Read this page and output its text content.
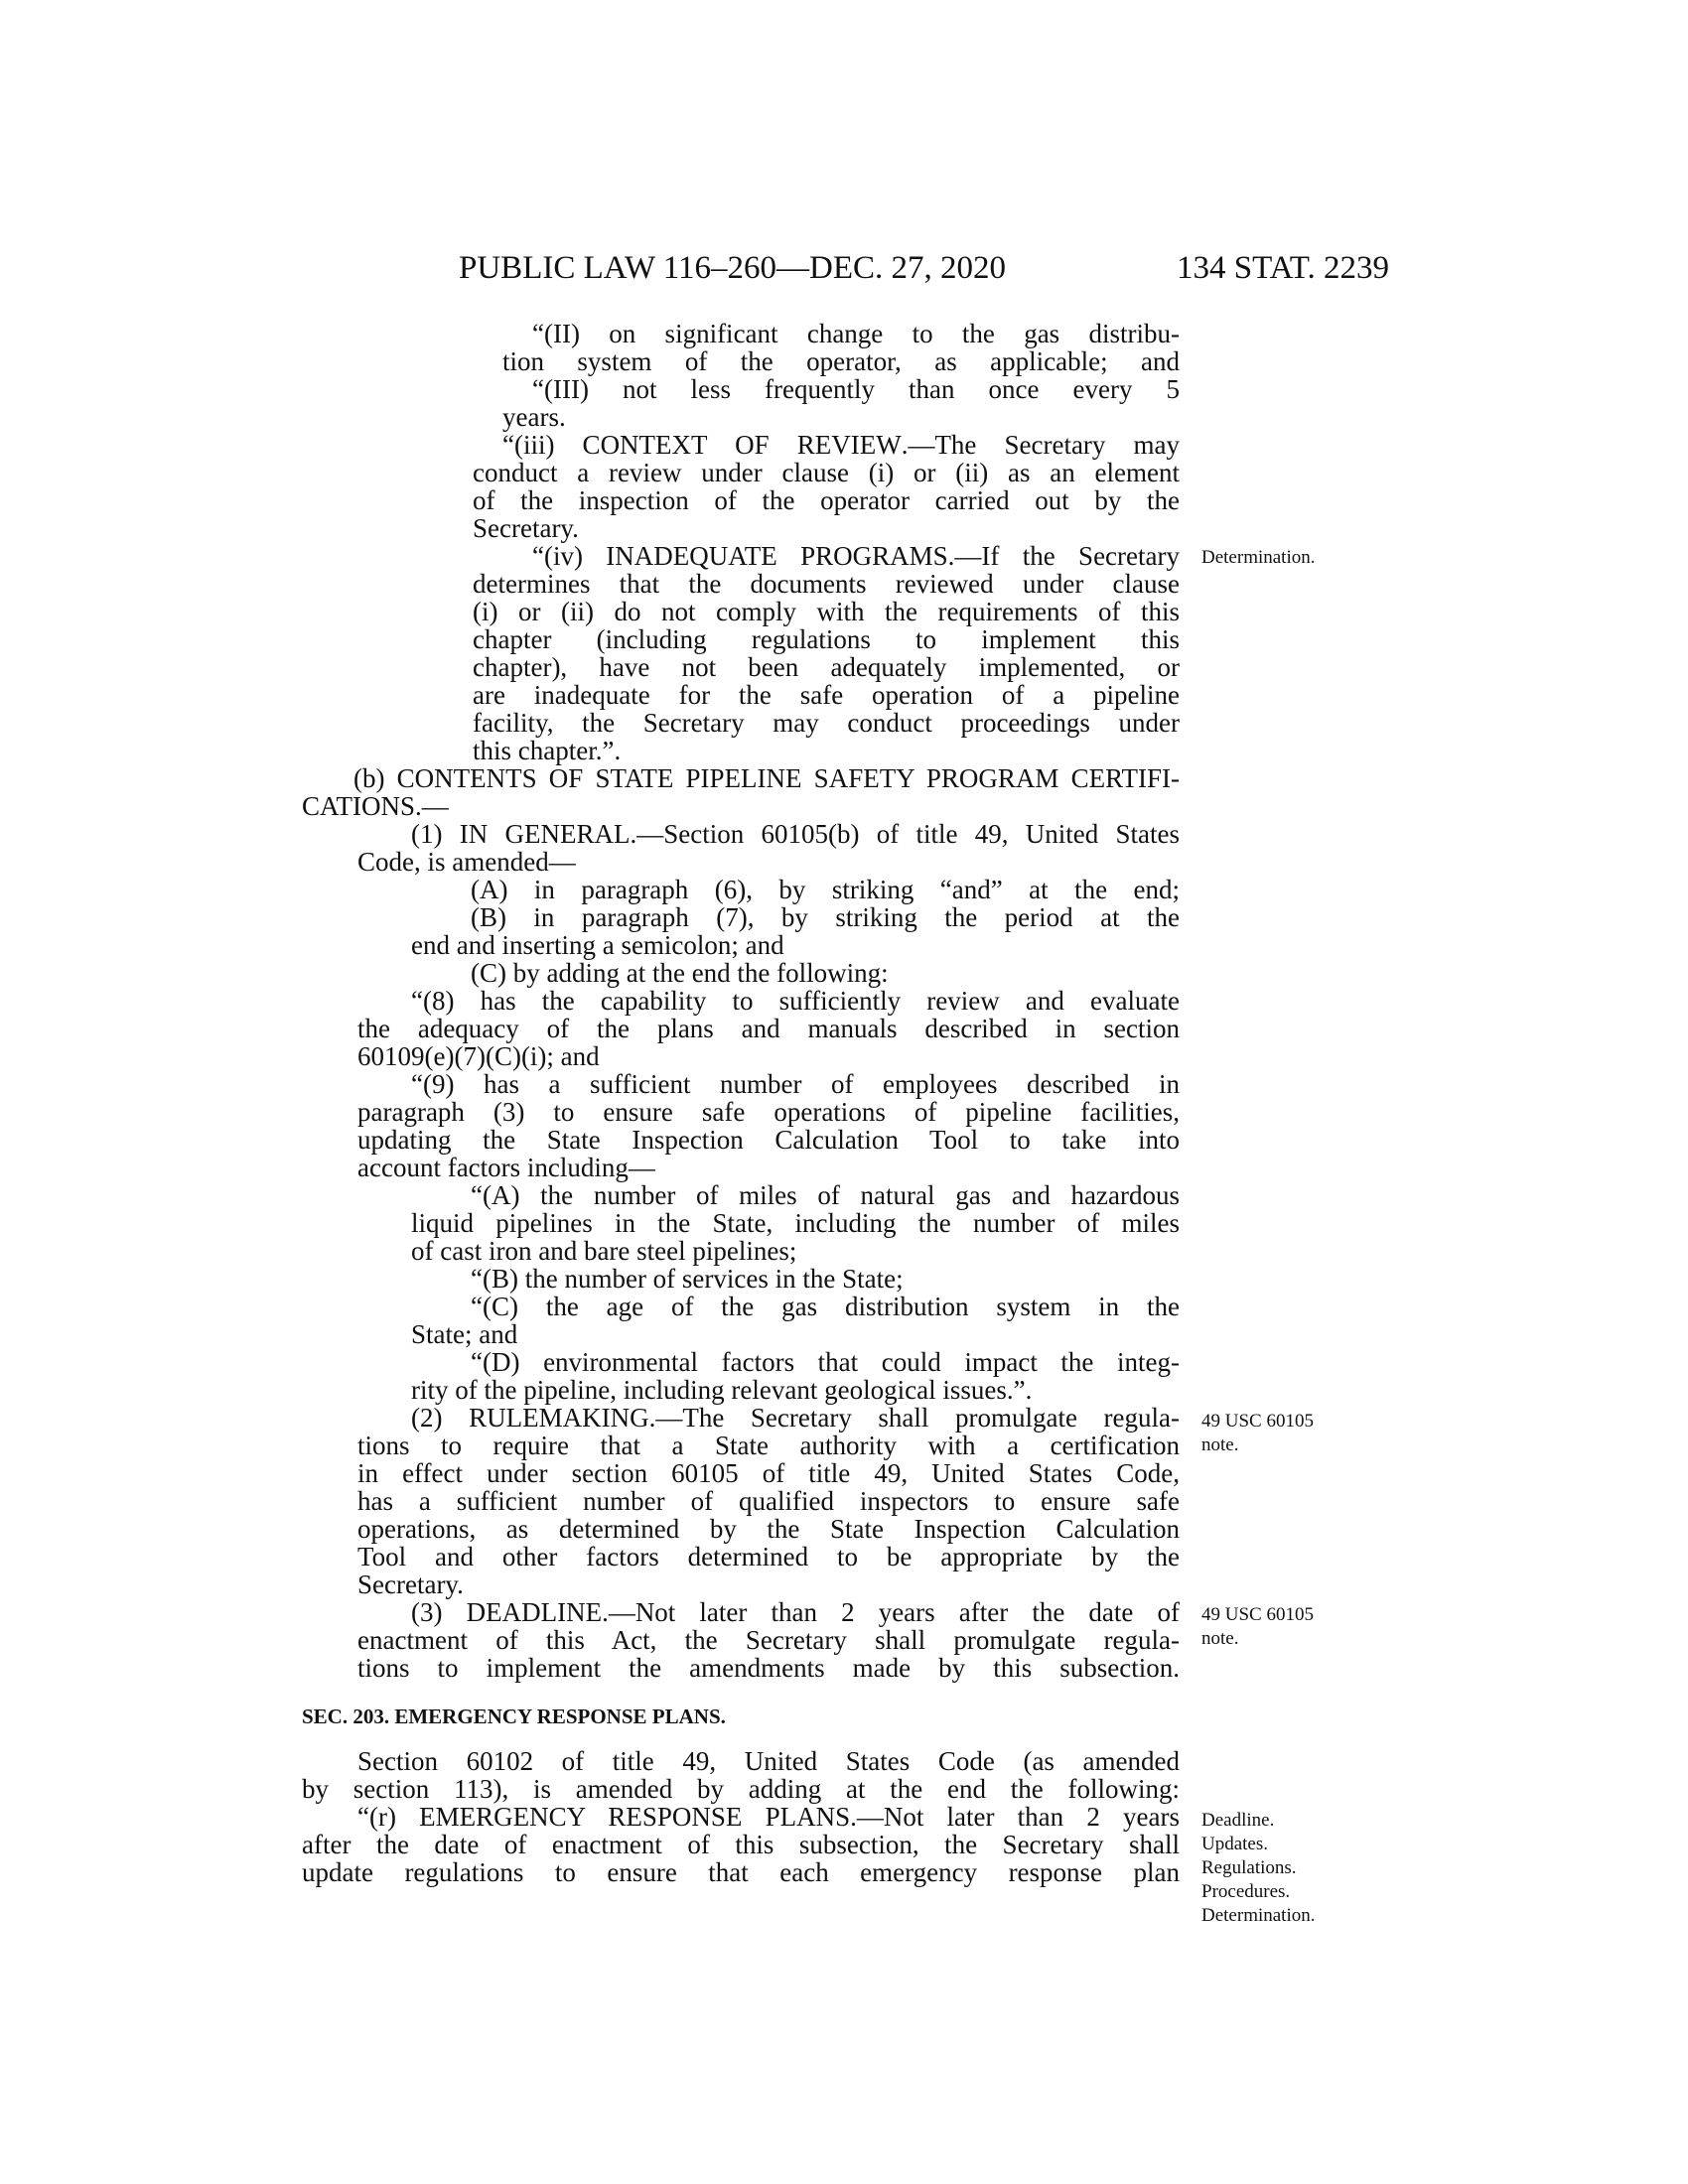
PUBLIC LAW 116–260—DEC. 27, 2020	134 STAT. 2239
“(II) on significant change to the gas distribu-
tion system of the operator, as applicable; and
“(III) not less frequently than once every 5
years.
“(iii) CONTEXT OF REVIEW.—The Secretary may
conduct a review under clause (i) or (ii) as an element
of the inspection of the operator carried out by the
Secretary.
“(iv) INADEQUATE PROGRAMS.—If the Secretary
determines that the documents reviewed under clause
(i) or (ii) do not comply with the requirements of this
chapter (including regulations to implement this
chapter), have not been adequately implemented, or
are inadequate for the safe operation of a pipeline
facility, the Secretary may conduct proceedings under
this chapter.”.
(b) CONTENTS OF STATE PIPELINE SAFETY PROGRAM CERTIFI-
CATIONS.—
(1) IN GENERAL.—Section 60105(b) of title 49, United States
Code, is amended—
(A) in paragraph (6), by striking “and” at the end;
(B) in paragraph (7), by striking the period at the
end and inserting a semicolon; and
(C) by adding at the end the following:
“(8) has the capability to sufficiently review and evaluate
the adequacy of the plans and manuals described in section
60109(e)(7)(C)(i); and
“(9) has a sufficient number of employees described in
paragraph (3) to ensure safe operations of pipeline facilities,
updating the State Inspection Calculation Tool to take into
account factors including—
“(A) the number of miles of natural gas and hazardous
liquid pipelines in the State, including the number of miles
of cast iron and bare steel pipelines;
“(B) the number of services in the State;
“(C) the age of the gas distribution system in the
State; and
“(D) environmental factors that could impact the integ-
rity of the pipeline, including relevant geological issues.”.
(2) RULEMAKING.—The Secretary shall promulgate regula-
tions to require that a State authority with a certification
in effect under section 60105 of title 49, United States Code,
has a sufficient number of qualified inspectors to ensure safe
operations, as determined by the State Inspection Calculation
Tool and other factors determined to be appropriate by the
Secretary.
(3) DEADLINE.—Not later than 2 years after the date of
enactment of this Act, the Secretary shall promulgate regula-
tions to implement the amendments made by this subsection.
SEC. 203. EMERGENCY RESPONSE PLANS.
Section 60102 of title 49, United States Code (as amended
by section 113), is amended by adding at the end the following:
“(r) EMERGENCY RESPONSE PLANS.—Not later than 2 years
after the date of enactment of this subsection, the Secretary shall
update regulations to ensure that each emergency response plan
Determination.
49 USC 60105
note.
49 USC 60105
note.
Deadline.
Updates.
Regulations.
Procedures.
Determination.
